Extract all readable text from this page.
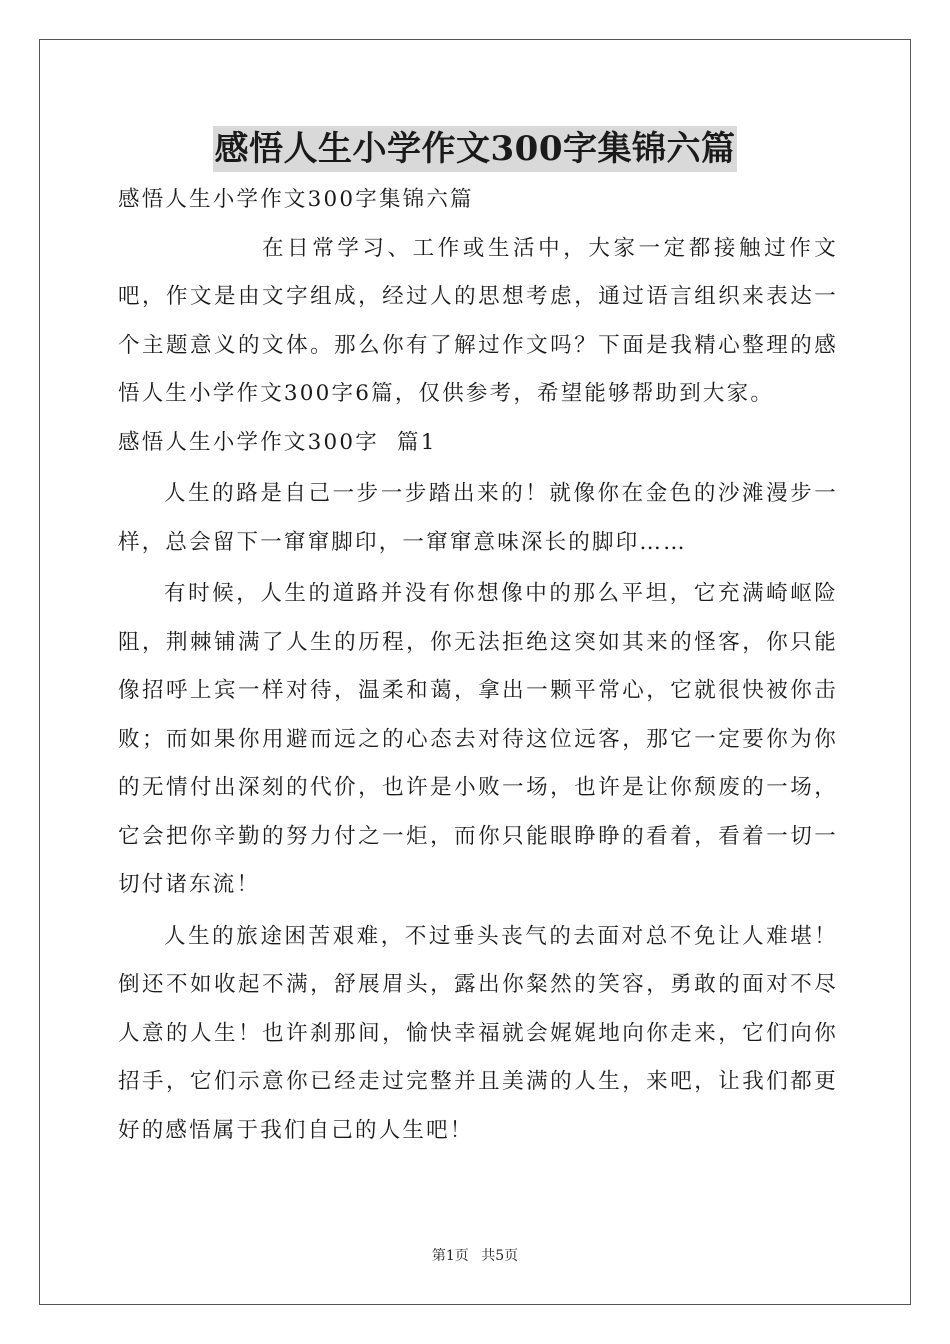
感悟人生小学作文300字集锦六篇

感悟人生小学作文300字集锦六篇

在日常学习、工作或生活中，大家一定都接触过作文吧，作文是由文字组成，经过人的思想考虑，通过语言组织来表达一个主题意义的文体。那么你有了解过作文吗？下面是我精心整理的感悟人生小学作文300字6篇，仅供参考，希望能够帮助到大家。

感悟人生小学作文300字  篇1

人生的路是自己一步一步踏出来的！就像你在金色的沙滩漫步一样，总会留下一窜窜脚印，一窜窜意味深长的脚印……

有时候，人生的道路并没有你想像中的那么平坦，它充满崎岖险阻，荆棘铺满了人生的历程，你无法拒绝这突如其来的怪客，你只能像招呼上宾一样对待，温柔和蔼，拿出一颗平常心，它就很快被你击败；而如果你用避而远之的心态去对待这位远客，那它一定要你为你的无情付出深刻的代价，也许是小败一场，也许是让你颓废的一场，它会把你辛勤的努力付之一炬，而你只能眼睁睁的看着，看着一切一切付诸东流！

人生的旅途困苦艰难，不过垂头丧气的去面对总不免让人难堪！倒还不如收起不满，舒展眉头，露出你粲然的笑容，勇敢的面对不尽人意的人生！也许刹那间，愉快幸福就会娓娓地向你走来，它们向你招手，它们示意你已经走过完整并且美满的人生，来吧，让我们都更好的感悟属于我们自己的人生吧！

第1页 共5页
